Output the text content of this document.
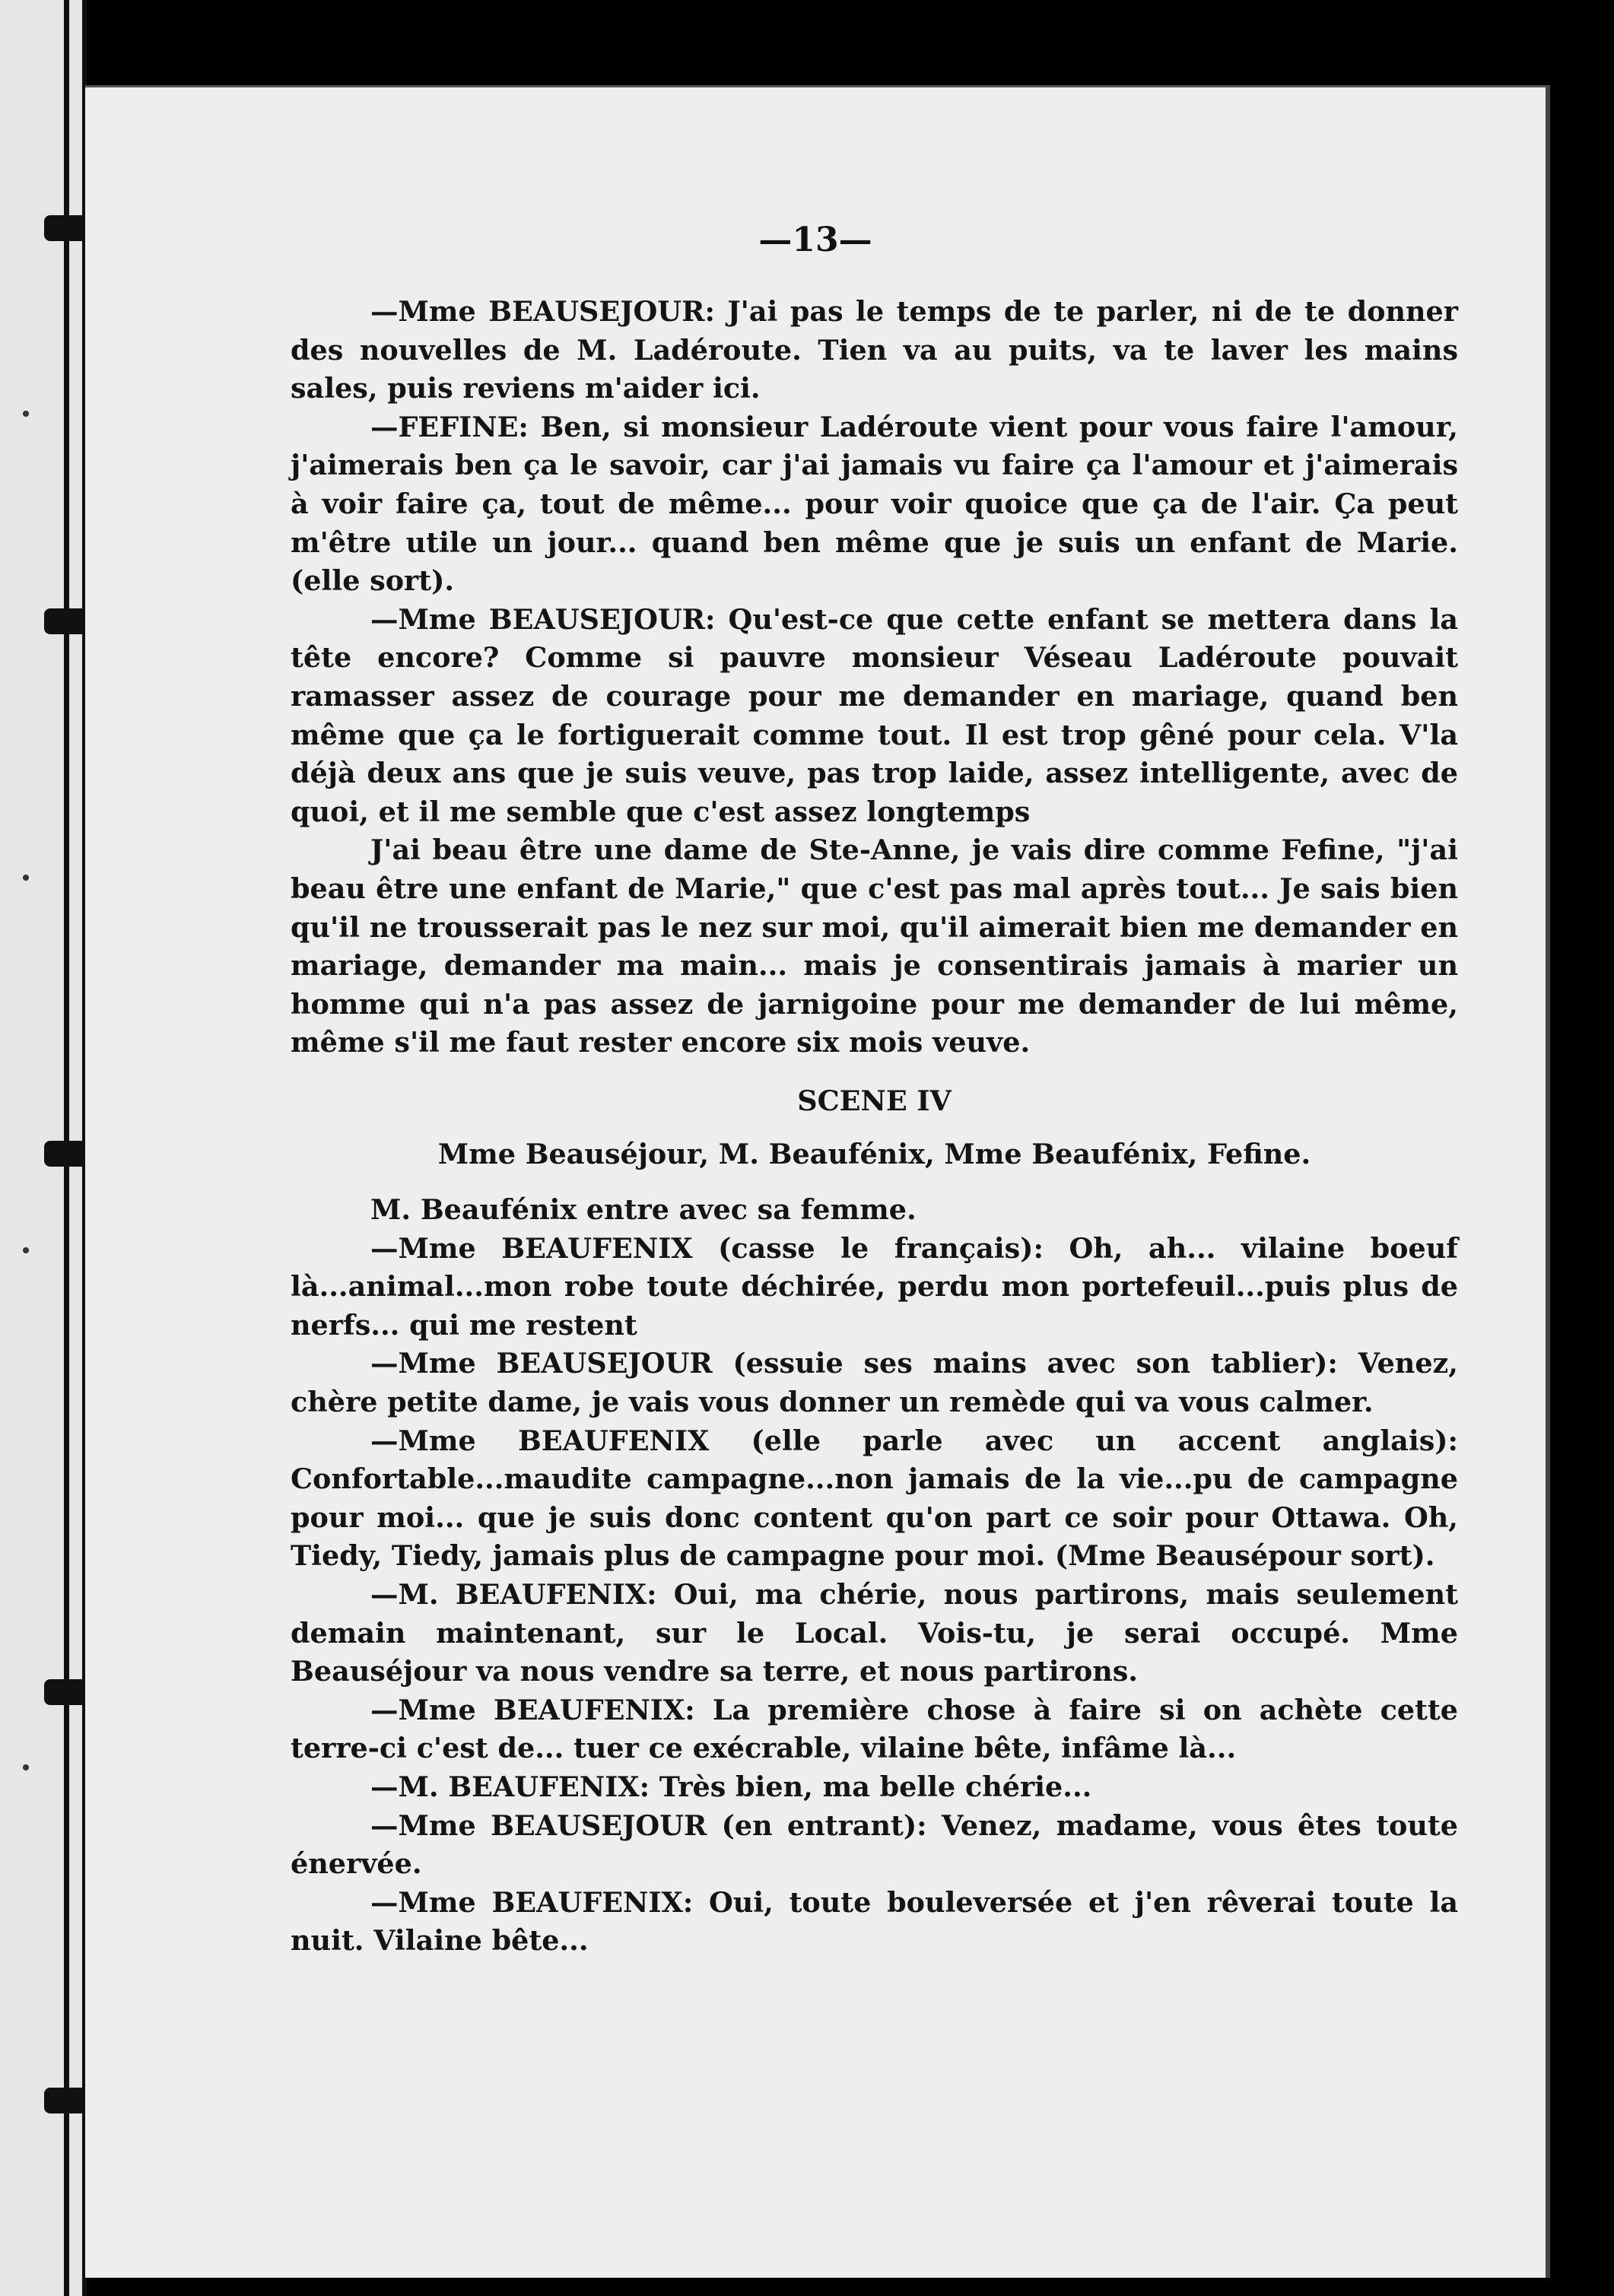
—13—

—Mme BEAUSEJOUR: J'ai pas le temps de te parler, ni de te donner des nouvelles de M. Ladéroute. Tien va au puits, va te laver les mains sales, puis reviens m'aider ici.

—FEFINE: Ben, si monsieur Ladéroute vient pour vous faire l'amour, j'aimerais ben ça le savoir, car j'ai jamais vu faire ça l'amour et j'aimerais à voir faire ça, tout de même... pour voir quoice que ça de l'air. Ça peut m'être utile un jour... quand ben même que je suis un enfant de Marie. (elle sort).

—Mme BEAUSEJOUR: Qu'est-ce que cette enfant se mettera dans la tête encore? Comme si pauvre monsieur Véseau Ladéroute pouvait ramasser assez de courage pour me demander en mariage, quand ben même que ça le fortiguerait comme tout. Il est trop gêné pour cela. V'la déjà deux ans que je suis veuve, pas trop laide, assez intelligente, avec de quoi, et il me semble que c'est assez longtemps

J'ai beau être une dame de Ste-Anne, je vais dire comme Fefine, "j'ai beau être une enfant de Marie," que c'est pas mal après tout... Je sais bien qu'il ne trousserait pas le nez sur moi, qu'il aimerait bien me demander en mariage, demander ma main... mais je consentirais jamais à marier un homme qui n'a pas assez de jarnigoine pour me demander de lui même, même s'il me faut rester encore six mois veuve.

SCENE IV

Mme Beauséjour, M. Beaufénix, Mme Beaufénix, Fefine.

M. Beaufénix entre avec sa femme.

—Mme BEAUFENIX (casse le français): Oh, ah... vilaine boeuf là...animal...mon robe toute déchirée, perdu mon portefeuil...puis plus de nerfs... qui me restent

—Mme BEAUSEJOUR (essuie ses mains avec son tablier): Venez, chère petite dame, je vais vous donner un remède qui va vous calmer.

—Mme BEAUFENIX (elle parle avec un accent anglais): Confortable...maudite campagne...non jamais de la vie...pu de campagne pour moi... que je suis donc content qu'on part ce soir pour Ottawa. Oh, Tiedy, Tiedy, jamais plus de campagne pour moi. (Mme Beausépour sort).

—M. BEAUFENIX: Oui, ma chérie, nous partirons, mais seulement demain maintenant, sur le Local. Vois-tu, je serai occupé. Mme Beauséjour va nous vendre sa terre, et nous partirons.

—Mme BEAUFENIX: La première chose à faire si on achète cette terre-ci c'est de... tuer ce exécrable, vilaine bête, infâme là...

—M. BEAUFENIX: Très bien, ma belle chérie...

—Mme BEAUSEJOUR (en entrant): Venez, madame, vous êtes toute énervée.

—Mme BEAUFENIX: Oui, toute bouleversée et j'en rêverai toute la nuit. Vilaine bête...
